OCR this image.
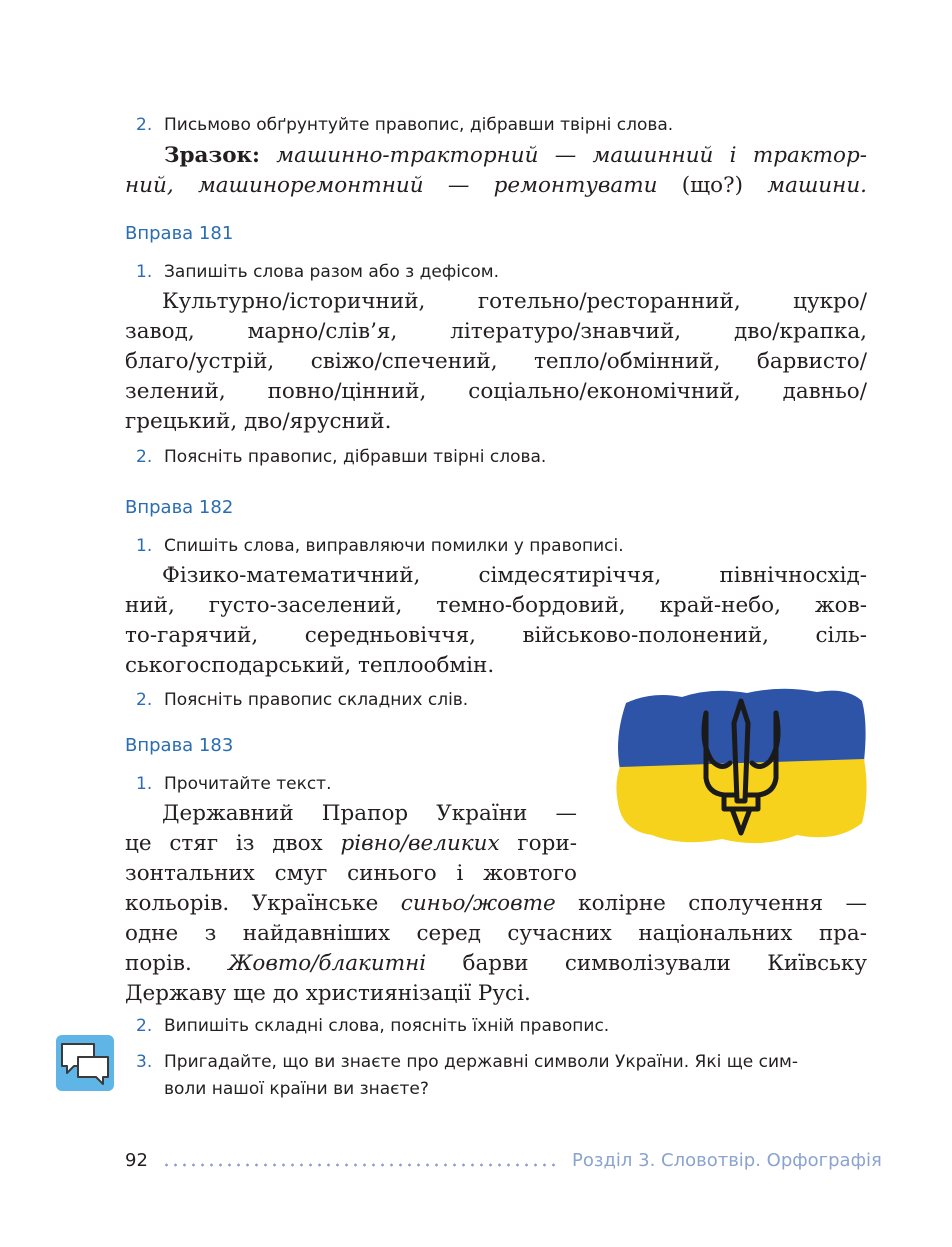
2. Письмово обґрунтуйте правопис, дібравши твірні слова.
Зразок: машинно-тракторний — машинний і трактор-
ний, машиноремонтний — ремонтувати (що?) машини.
Вправа 181
1. Запишіть слова разом або з дефісом.
Культурно/історичний, готельно/ресторанний, цукро/
завод, марно/слів’я, літературо/знавчий, дво/крапка,
благо/устрій, свіжо/спечений, тепло/обмінний, барвисто/
зелений, повно/цінний, соціально/економічний, давньо/
грецький, дво/ярусний.
2. Поясніть правопис, дібравши твірні слова.
Вправа 182
1. Спишіть слова, виправляючи помилки у правописі.
Фізико-математичний, сімдесятиріччя, північносхід-
ний, густо-заселений, темно-бордовий, край-небо, жов-
то-гарячий, середньовіччя, військово-полонений, сіль-
ськогосподарський, теплообмін.
2. Поясніть правопис складних слів.
Вправа 183
1. Прочитайте текст.
Державний Прапор України —
це стяг із двох рівно/великих гори-
зонтальних смуг синього і жовтого
кольорів. Українське синьо/жовте колірне сполучення —
одне з найдавніших серед сучасних національних пра-
порів. Жовто/блакитні барви символізували Київську
Державу ще до християнізації Русі.
2. Випишіть складні слова, поясніть їхній правопис.
3. Пригадайте, що ви знаєте про державні символи України. Які ще сим-
воли нашої країни ви знаєте?
92	Розділ 3. Словотвір. Орфографія
